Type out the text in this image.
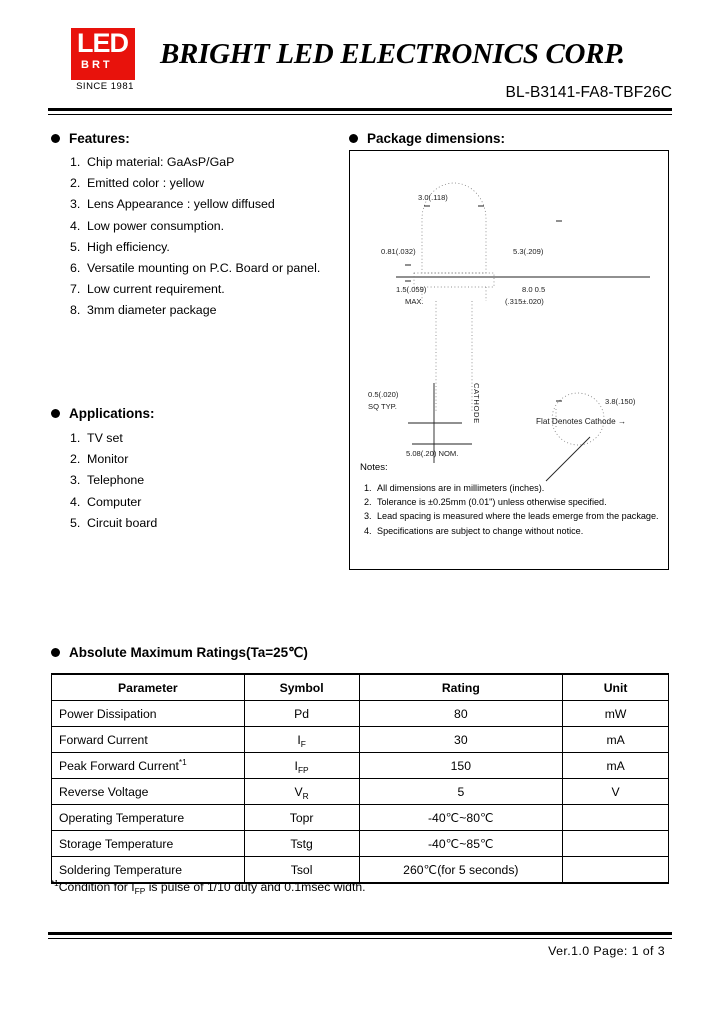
LED
BRT
SINCE 1981
BRIGHT LED ELECTRONICS CORP.
BL-B3141-FA8-TBF26C
Features:
1. Chip material: GaAsP/GaP
2. Emitted color : yellow
3. Lens Appearance : yellow diffused
4. Low power consumption.
5. High efficiency.
6. Versatile mounting on P.C. Board or panel.
7. Low current requirement.
8. 3mm diameter package
Applications:
1. TV set
2. Monitor
3. Telephone
4. Computer
5. Circuit board
Package dimensions:
3.0(.118)
0.81(.032)
1.5(.059)
MAX.
5.3(.209)
8.0 0.5
(.315±.020)
0.5(.020)
SQ TYP.	CATHODE
5.08(.20) NOM.
3.8(.150)
Flat Denotes Cathode →
Notes:
1. All dimensions are in millimeters (inches).
2. Tolerance is ±0.25mm (0.01") unless otherwise specified.
3. Lead spacing is measured where the leads emerge from the package.
4. Specifications are subject to change without notice.
Absolute Maximum Ratings(Ta=25℃)
Parameter	Symbol	Rating	Unit
Power Dissipation	Pd	80	mW
Forward Current	$I_F$	30	mA
Peak Forward Current$^{*1}$	$I_{FP}$	150	mA
Reverse Voltage	$V_R$	5	V
Operating Temperature	Topr	-40℃~80℃	
Storage Temperature	Tstg	-40℃~85℃	
Soldering Temperature	Tsol	260℃(for 5 seconds)	
$^{*1}$Condition for $I_{FP}$ is pulse of 1/10 duty and 0.1msec width.
Ver.1.0 Page: 1 of 3
